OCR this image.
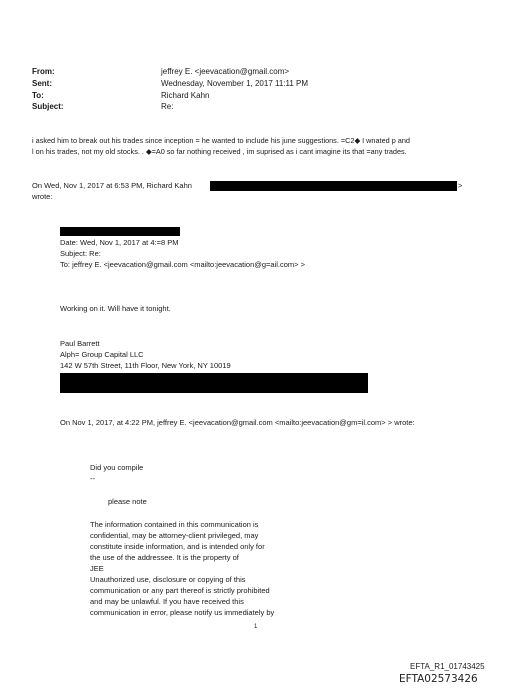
From:	jeffrey E. <jeevacation@gmail.com>
Sent:	Wednesday, November 1, 2017 11:11 PM
To:	Richard Kahn
Subject:	Re:
i asked him to break out his trades since inception = he wanted to include his june suggestions. =C2◆ I wnated p and
l on his trades, not my old stocks. . ◆=A0 so far nothing received , im suprised as i cant imagine its that =any trades.
On Wed, Nov 1, 2017 at 6:53 PM, Richard Kahn	>
wrote:
Date: Wed, Nov 1, 2017 at 4:=8 PM
Subject: Re:
To: jeffrey E. <jeevacation@gmail.com <mailto:jeevacation@g=ail.com> >
Working on it. Will have it tonight.
Paul Barrett
Alph= Group Capital LLC
142 W 57th Street, 11th Floor, New York, NY 10019
On Nov 1, 2017, at 4:22 PM, jeffrey E. <jeevacation@gmail.com <mailto:jeevacation@gm=il.com> > wrote:
Did you compile
--
please note
The information contained in this communication is
confidential, may be attorney-client privileged, may
constitute inside information, and is intended only for
the use of the addressee. It is the property of
JEE
Unauthorized use, disclosure or copying of this
communication or any part thereof is strictly prohibited
and may be unlawful. If you have received this
communication in error, please notify us immediately by
1
EFTA_R1_01743425
EFTA02573426
